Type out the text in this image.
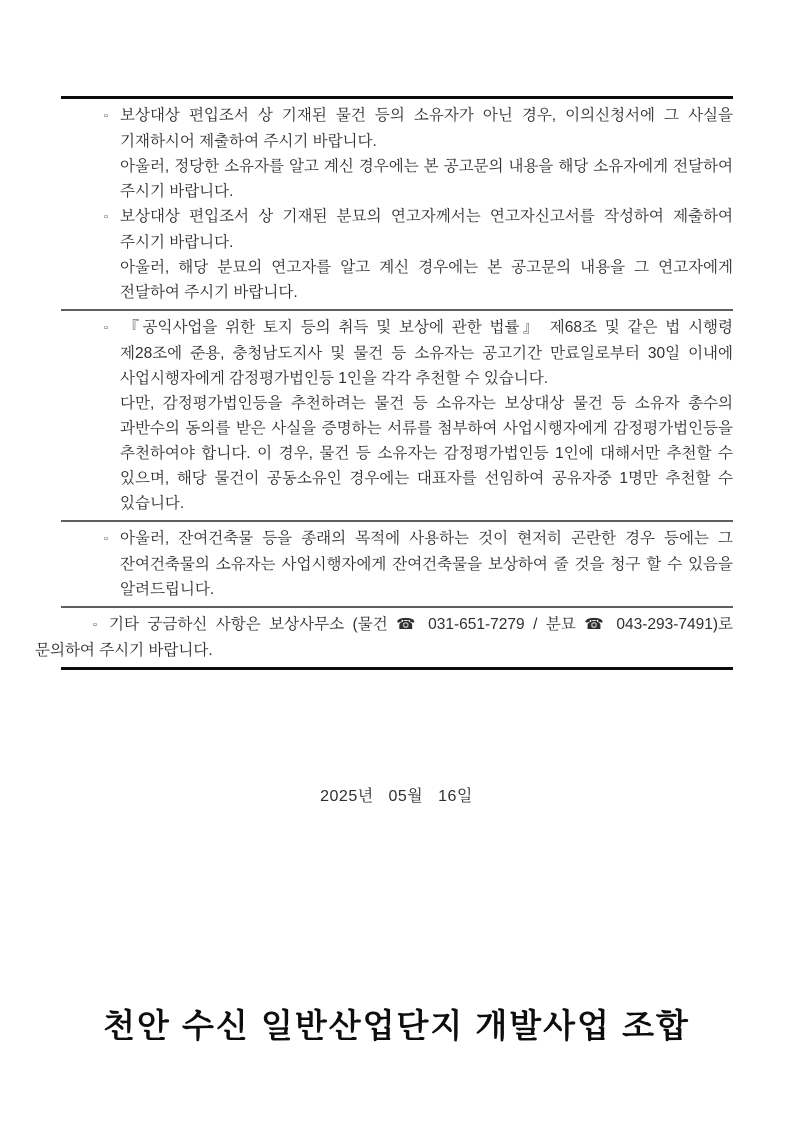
▫ 보상대상 편입조서 상 기재된 물건 등의 소유자가 아닌 경우, 이의신청서에 그 사실을 기재하시어 제출하여 주시기 바랍니다.

아울러, 정당한 소유자를 알고 계신 경우에는 본 공고문의 내용을 해당 소유자에게 전달하여 주시기 바랍니다.

▫ 보상대상 편입조서 상 기재된 분묘의 연고자께서는 연고자신고서를 작성하여 제출하여 주시기 바랍니다.

아울러, 해당 분묘의 연고자를 알고 계신 경우에는 본 공고문의 내용을 그 연고자에게 전달하여 주시기 바랍니다.

▫ 『공익사업을 위한 토지 등의 취득 및 보상에 관한 법률』 제68조 및 같은 법 시행령 제28조에 준용, 충청남도지사 및 물건 등 소유자는 공고기간 만료일로부터 30일 이내에 사업시행자에게 감정평가법인등 1인을 각각 추천할 수 있습니다.

다만, 감정평가법인등을 추천하려는 물건 등 소유자는 보상대상 물건 등 소유자 총수의 과반수의 동의를 받은 사실을 증명하는 서류를 첨부하여 사업시행자에게 감정평가법인등을 추천하여야 합니다. 이 경우, 물건 등 소유자는 감정평가법인등 1인에 대해서만 추천할 수 있으며, 해당 물건이 공동소유인 경우에는 대표자를 선임하여 공유자중 1명만 추천할 수 있습니다.

▫ 아울러, 잔여건축물 등을 종래의 목적에 사용하는 것이 현저히 곤란한 경우 등에는 그 잔여건축물의 소유자는 사업시행자에게 잔여건축물을 보상하여 줄 것을 청구 할 수 있음을 알려드립니다.

▫ 기타 궁금하신 사항은 보상사무소 (물건 ☎ 031-651-7279 / 분묘 ☎ 043-293-7491)로 문의하여 주시기 바랍니다.

2025년   05월   16일
천안 수신 일반산업단지 개발사업 조합
